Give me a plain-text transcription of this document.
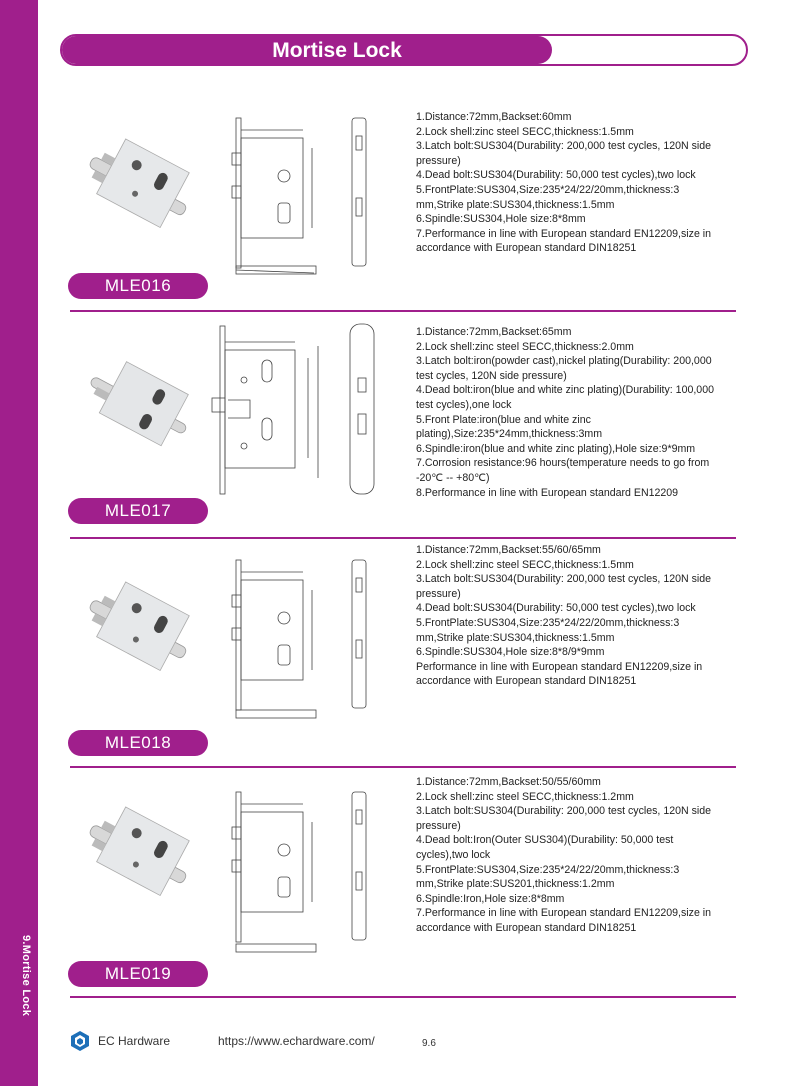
9.Mortise Lock
Mortise Lock
1.Distance:72mm,Backset:60mm
2.Lock shell:zinc steel SECC,thickness:1.5mm
3.Latch bolt:SUS304(Durability: 200,000 test cycles, 120N side pressure)
4.Dead bolt:SUS304(Durability: 50,000 test cycles),two lock
5.FrontPlate:SUS304,Size:235*24/22/20mm,thickness:3 mm,Strike plate:SUS304,thickness:1.5mm
6.Spindle:SUS304,Hole size:8*8mm
7.Performance in line with European standard EN12209,size in accordance with European standard DIN18251
MLE016
1.Distance:72mm,Backset:65mm
2.Lock shell:zinc steel SECC,thickness:2.0mm
3.Latch bolt:iron(powder cast),nickel plating(Durability: 200,000 test cycles, 120N side pressure)
4.Dead bolt:iron(blue and white zinc plating)(Durability: 100,000 test cycles),one lock
5.Front Plate:iron(blue and white zinc plating),Size:235*24mm,thickness:3mm
6.Spindle:iron(blue and white zinc plating),Hole size:9*9mm
7.Corrosion resistance:96 hours(temperature needs to go from -20℃ -- +80℃)
8.Performance in line with European standard EN12209
MLE017
1.Distance:72mm,Backset:55/60/65mm
2.Lock shell:zinc steel SECC,thickness:1.5mm
3.Latch bolt:SUS304(Durability: 200,000 test cycles, 120N side pressure)
4.Dead bolt:SUS304(Durability: 50,000 test cycles),two lock
5.FrontPlate:SUS304,Size:235*24/22/20mm,thickness:3 mm,Strike plate:SUS304,thickness:1.5mm
6.Spindle:SUS304,Hole size:8*8/9*9mm
Performance in line with European standard EN12209,size in accordance with European standard DIN18251
MLE018
1.Distance:72mm,Backset:50/55/60mm
2.Lock shell:zinc steel SECC,thickness:1.2mm
3.Latch bolt:SUS304(Durability: 200,000 test cycles, 120N side pressure)
4.Dead bolt:Iron(Outer SUS304)(Durability: 50,000 test cycles),two lock
5.FrontPlate:SUS304,Size:235*24/22/20mm,thickness:3 mm,Strike plate:SUS201,thickness:1.2mm
6.Spindle:Iron,Hole size:8*8mm
7.Performance in line with European standard EN12209,size in accordance with European standard DIN18251
MLE019
EC Hardware	https://www.echardware.com/	9.6
